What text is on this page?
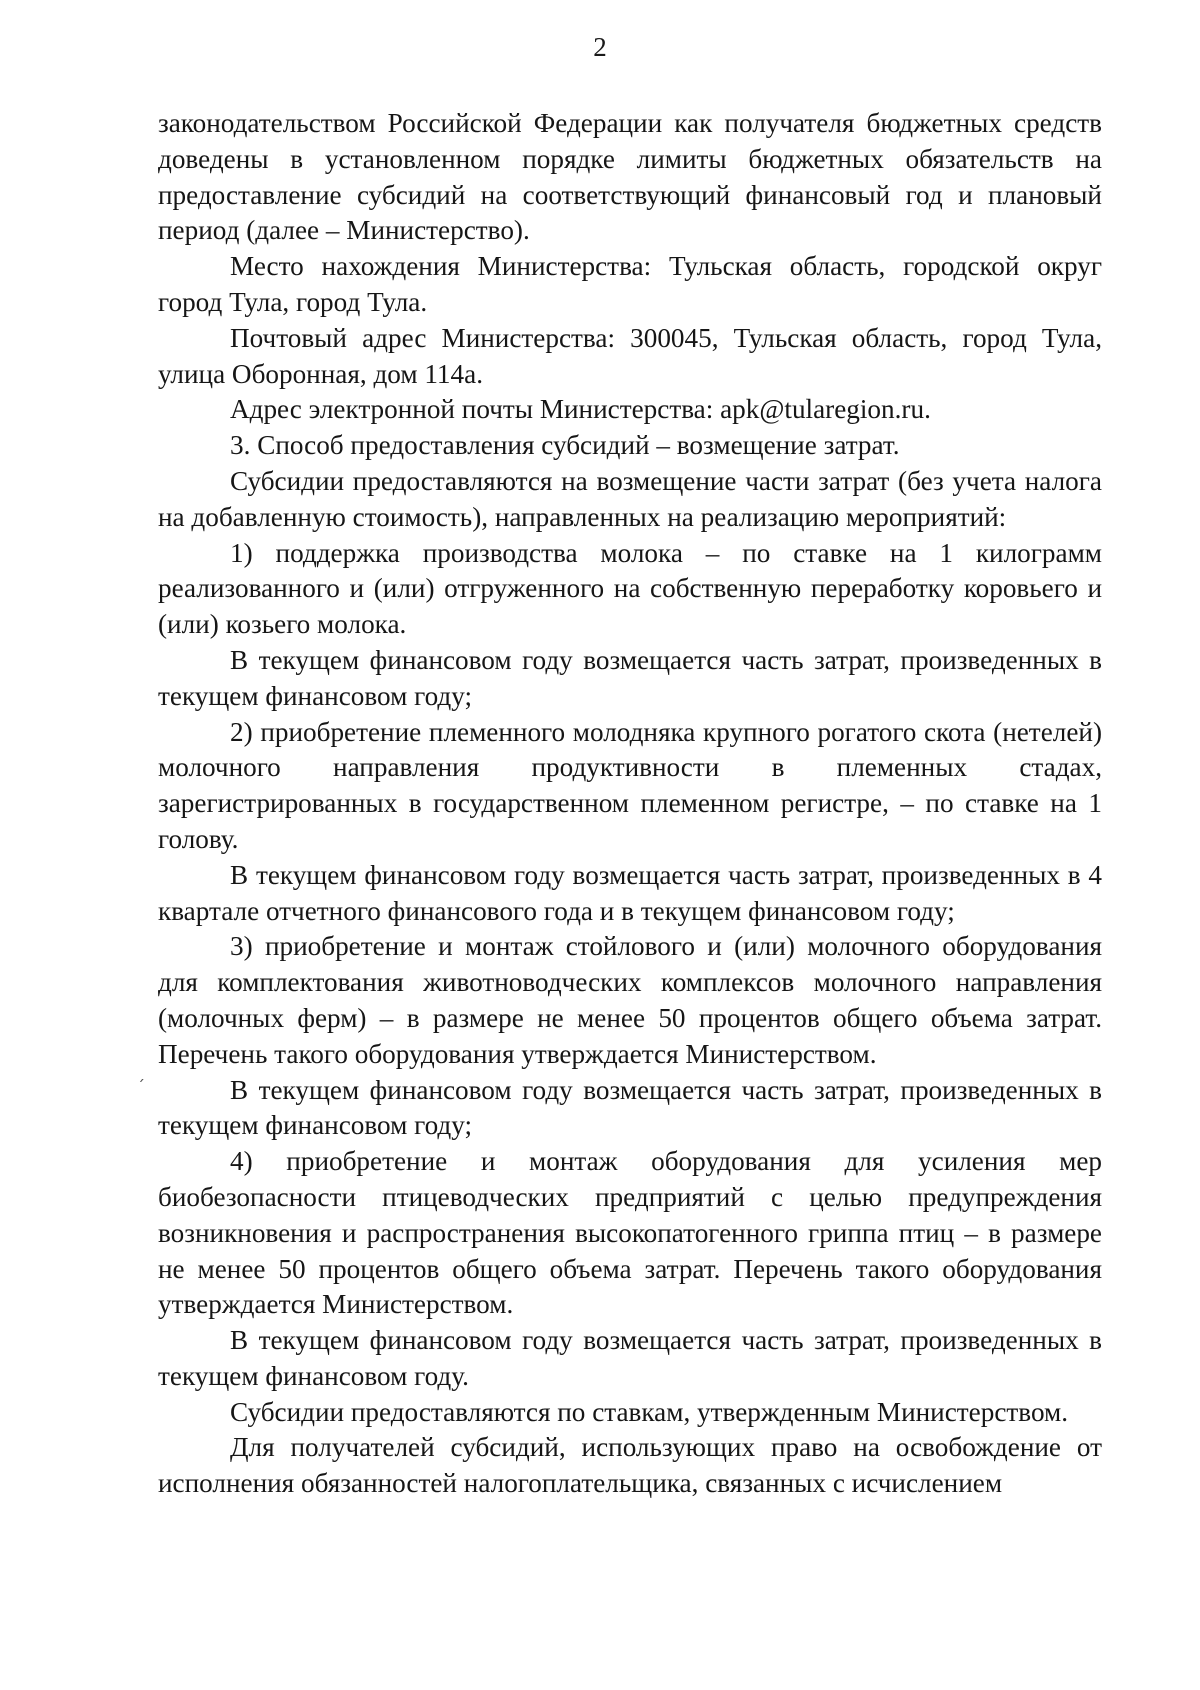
2
ˏ

законодательством Российской Федерации как получателя бюджетных средств доведены в установленном порядке лимиты бюджетных обязательств на предоставление субсидий на соответствующий финансовый год и плановый период (далее – Министерство).

Место нахождения Министерства: Тульская область, городской округ город Тула, город Тула.

Почтовый адрес Министерства: 300045, Тульская область, город Тула, улица Оборонная, дом 114а.

Адрес электронной почты Министерства: apk@tularegion.ru.

3. Способ предоставления субсидий – возмещение затрат.

Субсидии предоставляются на возмещение части затрат (без учета налога на добавленную стоимость), направленных на реализацию мероприятий:

1) поддержка производства молока – по ставке на 1 килограмм реализованного и (или) отгруженного на собственную переработку коровьего и (или) козьего молока.

В текущем финансовом году возмещается часть затрат, произведенных в текущем финансовом году;

2) приобретение племенного молодняка крупного рогатого скота (нетелей) молочного направления продуктивности в племенных стадах, зарегистрированных в государственном племенном регистре, – по ставке на 1 голову.

В текущем финансовом году возмещается часть затрат, произведенных в 4 квартале отчетного финансового года и в текущем финансовом году;

3) приобретение и монтаж стойлового и (или) молочного оборудования для комплектования животноводческих комплексов молочного направления (молочных ферм) – в размере не менее 50 процентов общего объема затрат. Перечень такого оборудования утверждается Министерством.

В текущем финансовом году возмещается часть затрат, произведенных в текущем финансовом году;

4) приобретение и монтаж оборудования для усиления мер биобезопасности птицеводческих предприятий с целью предупреждения возникновения и распространения высокопатогенного гриппа птиц – в размере не менее 50 процентов общего объема затрат. Перечень такого оборудования утверждается Министерством.

В текущем финансовом году возмещается часть затрат, произведенных в текущем финансовом году.

Субсидии предоставляются по ставкам, утвержденным Министерством.

Для получателей субсидий, использующих право на освобождение от исполнения обязанностей налогоплательщика, связанных с исчислением
